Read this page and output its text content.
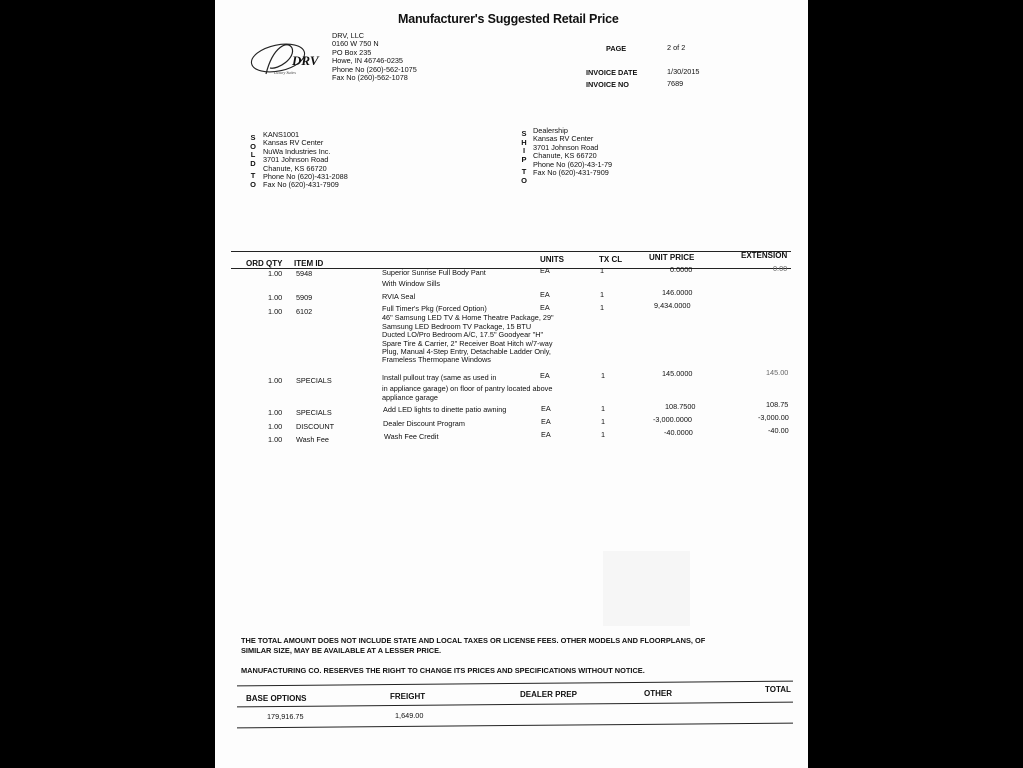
Manufacturer's Suggested Retail Price
DRV
Luxury Suites
DRV, LLC
0160 W 750 N
PO Box 235
Howe, IN 46746-0235
Phone No (260)-562-1075
Fax No (260)-562-1078
PAGE	2 of 2
INVOICE DATE	1/30/2015
INVOICE NO	7689
S
O
L
D
T
O
KANS1001
Kansas RV Center
NuWa Industries Inc.
3701 Johnson Road
Chanute, KS 66720
Phone No (620)-431-2088
Fax No (620)-431-7909
S
H
I
P
T
O
Dealership
Kansas RV Center
3701 Johnson Road
Chanute, KS 66720
Phone No (620)-43-1-79
Fax No (620)-431-7909
ORD QTY ITEM ID	UNITS	TX CL	UNIT PRICE	EXTENSION
1.00 5948	Superior Sunrise Full Body Pant
With Window Sills
EA	1	0.0000	0.00
1.00 5909	RVIA Seal	EA	1	146.0000
1.00 6102	Full Timer's Pkg (Forced Option)
46" Samsung LED TV & Home Theatre Package, 29"
Samsung LED Bedroom TV Package, 15 BTU
Ducted LO/Pro Bedroom A/C, 17.5" Goodyear "H"
Spare Tire & Carrier, 2" Receiver Boat Hitch w/7-way
Plug, Manual 4-Step Entry, Detachable Ladder Only,
Frameless Thermopane Windows
EA	1	9,434.0000
1.00 SPECIALS	Install pullout tray (same as used in
in appliance garage) on floor of pantry located above
appliance garage
EA	1	145.0000	145.00
1.00 SPECIALS	Add LED lights to dinette patio awning	EA	1	108.7500	108.75
1.00 DISCOUNT	Dealer Discount Program	EA	1	-3,000.0000	-3,000.00
1.00 Wash Fee	Wash Fee Credit	EA	1	-40.0000	-40.00
THE TOTAL AMOUNT DOES NOT INCLUDE STATE AND LOCAL TAXES OR LICENSE FEES. OTHER MODELS AND FLOORPLANS, OF
SIMILAR SIZE, MAY BE AVAILABLE AT A LESSER PRICE.
MANUFACTURING CO. RESERVES THE RIGHT TO CHANGE ITS PRICES AND SPECIFICATIONS WITHOUT NOTICE.
BASE OPTIONS	FREIGHT	DEALER PREP	OTHER	TOTAL
179,916.75	1,649.00
